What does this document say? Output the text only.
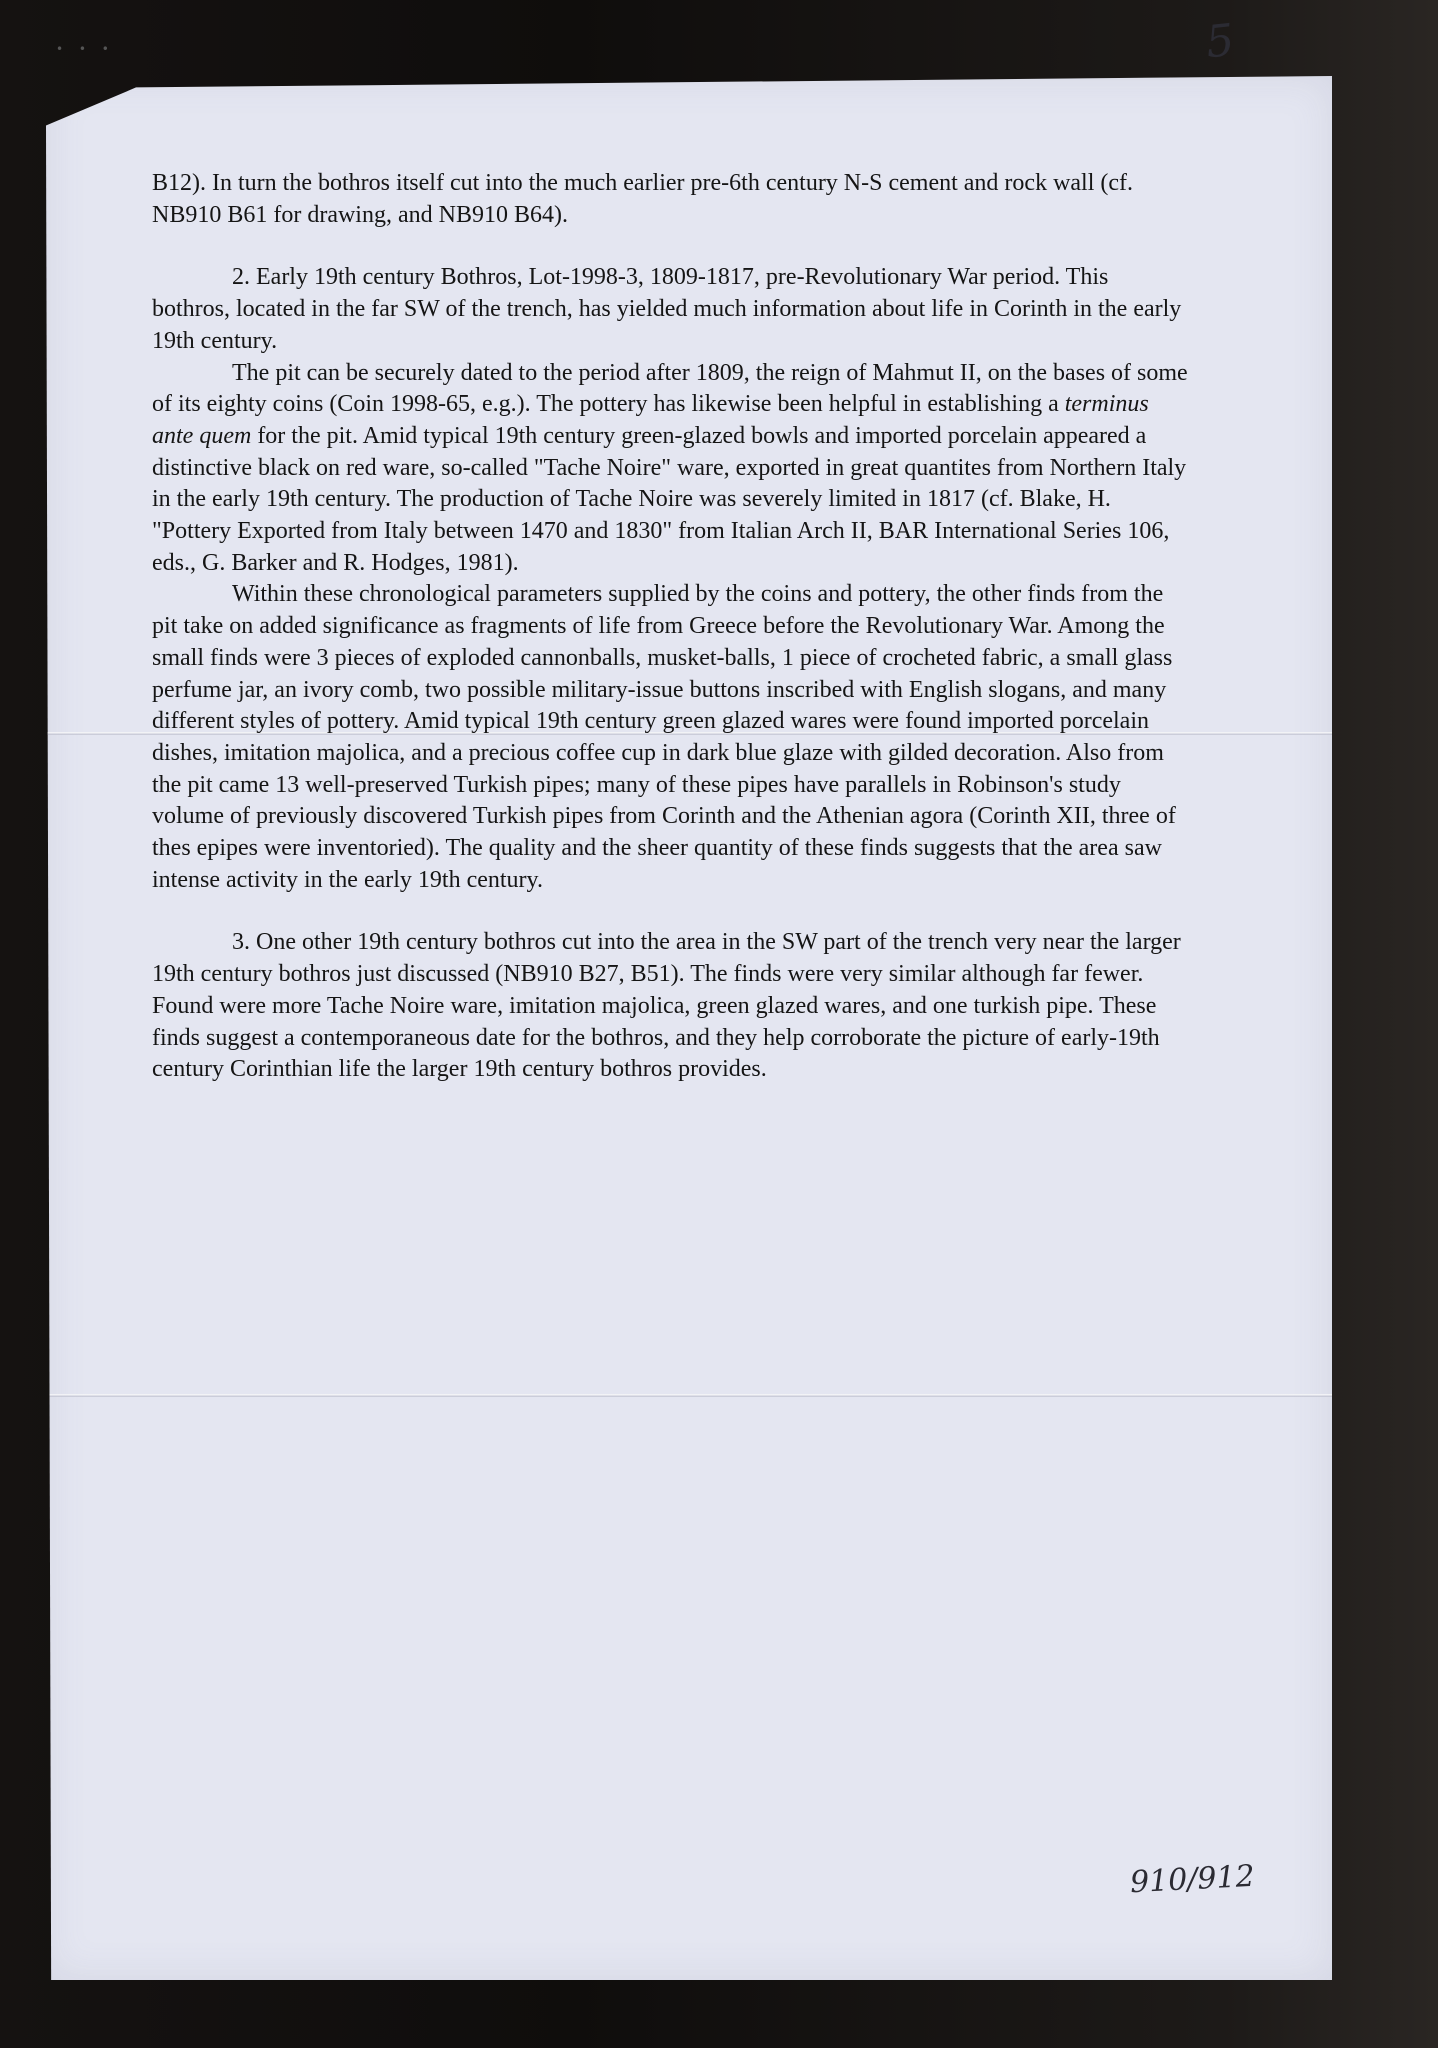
• • •	5

B12). In turn the bothros itself cut into the much earlier pre-6th century N-S cement and rock wall (cf. NB910 B61 for drawing, and NB910 B64).

2. Early 19th century Bothros, Lot-1998-3, 1809-1817, pre-Revolutionary War period. This bothros, located in the far SW of the trench, has yielded much information about life in Corinth in the early 19th century.

The pit can be securely dated to the period after 1809, the reign of Mahmut II, on the bases of some of its eighty coins (Coin 1998-65, e.g.). The pottery has likewise been helpful in establishing a terminus ante quem for the pit. Amid typical 19th century green-glazed bowls and imported porcelain appeared a distinctive black on red ware, so-called "Tache Noire" ware, exported in great quantites from Northern Italy in the early 19th century. The production of Tache Noire was severely limited in 1817 (cf. Blake, H. "Pottery Exported from Italy between 1470 and 1830" from Italian Arch II, BAR International Series 106, eds., G. Barker and R. Hodges, 1981).

Within these chronological parameters supplied by the coins and pottery, the other finds from the pit take on added significance as fragments of life from Greece before the Revolutionary War. Among the small finds were 3 pieces of exploded cannonballs, musket-balls, 1 piece of crocheted fabric, a small glass perfume jar, an ivory comb, two possible military-issue buttons inscribed with English slogans, and many different styles of pottery. Amid typical 19th century green glazed wares were found imported porcelain dishes, imitation majolica, and a precious coffee cup in dark blue glaze with gilded decoration. Also from the pit came 13 well-preserved Turkish pipes; many of these pipes have parallels in Robinson's study volume of previously discovered Turkish pipes from Corinth and the Athenian agora (Corinth XII, three of thes epipes were inventoried). The quality and the sheer quantity of these finds suggests that the area saw intense activity in the early 19th century.

3. One other 19th century bothros cut into the area in the SW part of the trench very near the larger 19th century bothros just discussed (NB910 B27, B51). The finds were very similar although far fewer. Found were more Tache Noire ware, imitation majolica, green glazed wares, and one turkish pipe. These finds suggest a contemporaneous date for the bothros, and they help corroborate the picture of early-19th century Corinthian life the larger 19th century bothros provides.

910/912
